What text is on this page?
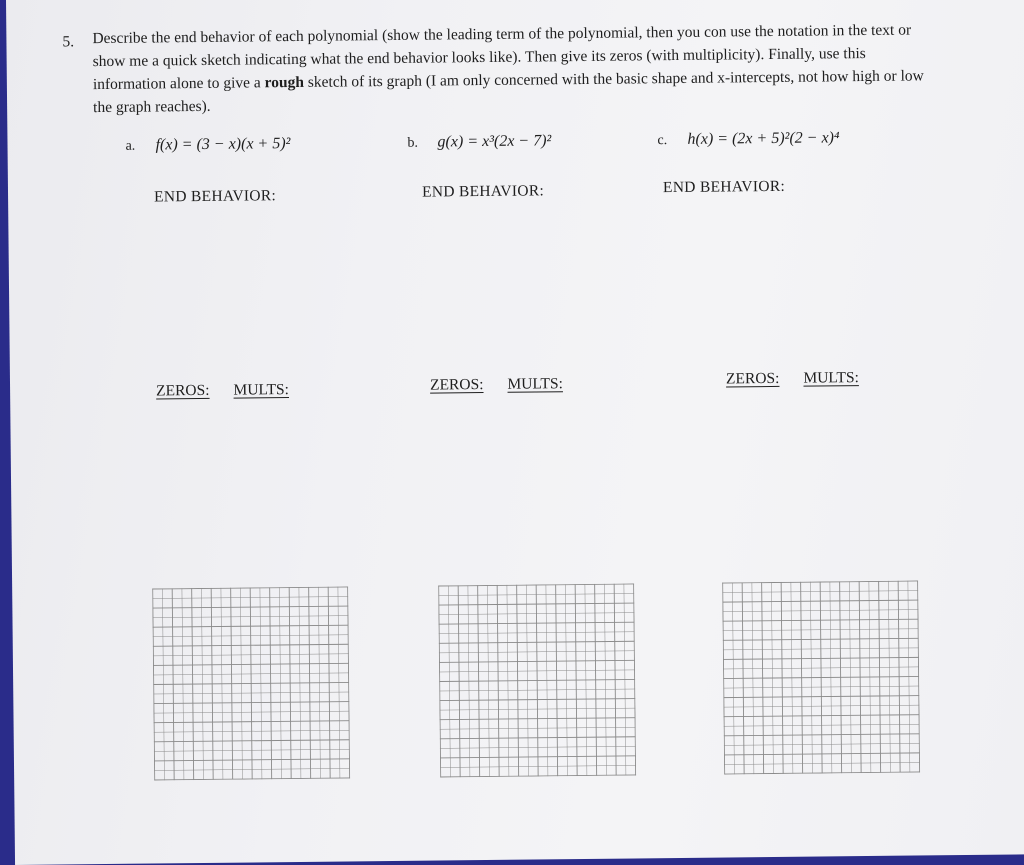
5. Describe the end behavior of each polynomial (show the leading term of the polynomial, then you con use the notation in the text or show me a quick sketch indicating what the end behavior looks like). Then give its zeros (with multiplicity). Finally, use this information alone to give a rough sketch of its graph (I am only concerned with the basic shape and x-intercepts, not how high or low the graph reaches).

a. f(x) = (3 − x)(x + 5)²
END BEHAVIOR:
ZEROS: MULTS:
b. g(x) = x³(2x − 7)²
END BEHAVIOR:
ZEROS: MULTS:
c. h(x) = (2x + 5)²(2 − x)⁴
END BEHAVIOR:
ZEROS: MULTS:
